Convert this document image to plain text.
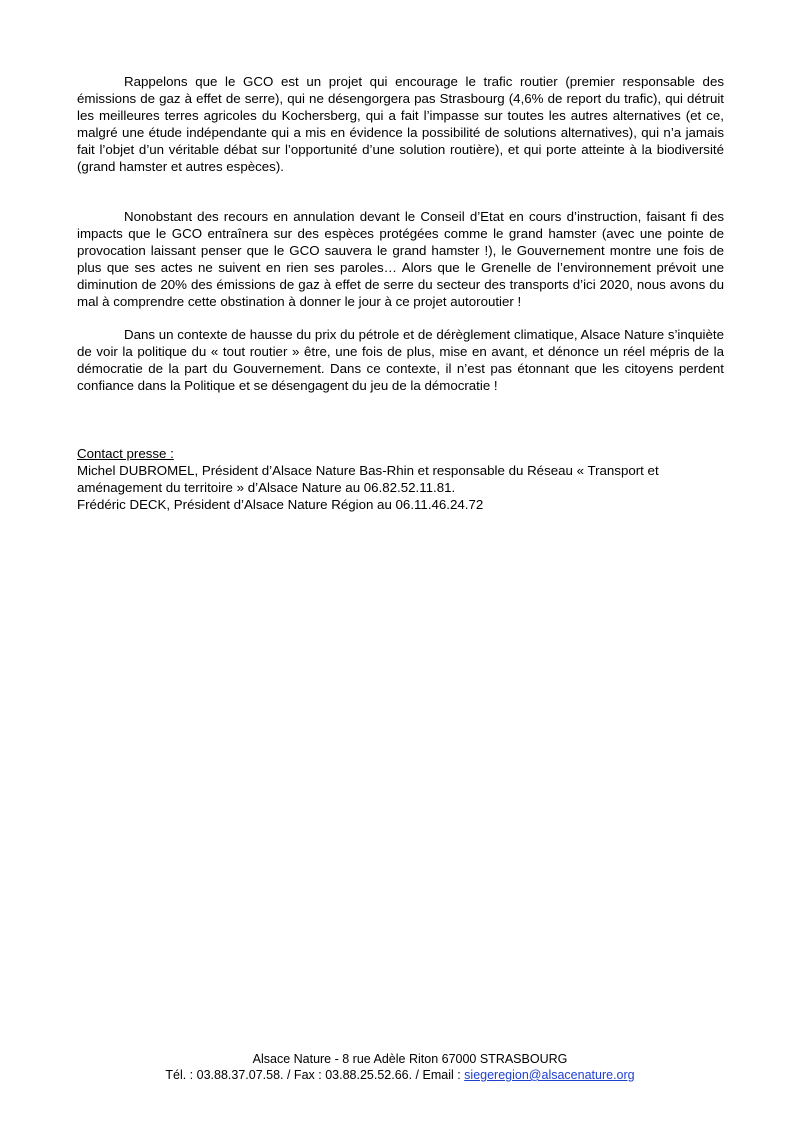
Rappelons que le GCO est un projet qui encourage le trafic routier (premier responsable des émissions de gaz à effet de serre), qui ne désengorgera pas Strasbourg (4,6% de report du trafic), qui détruit les meilleures terres agricoles du Kochersberg, qui a fait l’impasse sur toutes les autres alternatives (et ce, malgré une étude indépendante qui a mis en évidence la possibilité de solutions alternatives), qui n’a jamais fait l’objet d’un véritable débat sur l’opportunité d’une solution routière), et qui porte atteinte à la biodiversité (grand hamster et autres espèces).

Nonobstant des recours en annulation devant le Conseil d’Etat en cours d’instruction, faisant fi des impacts que le GCO entraînera sur des espèces protégées comme le grand hamster (avec une pointe de provocation laissant penser que le GCO sauvera le grand hamster !), le Gouvernement montre une fois de plus que ses actes ne suivent en rien ses paroles… Alors que le Grenelle de l’environnement prévoit une diminution de 20% des émissions de gaz à effet de serre du secteur des transports d’ici 2020, nous avons du mal à comprendre cette obstination à donner le jour à ce projet autoroutier !

Dans un contexte de hausse du prix du pétrole et de dérèglement climatique, Alsace Nature s’inquiète de voir la politique du « tout routier » être, une fois de plus, mise en avant, et dénonce un réel mépris de la démocratie de la part du Gouvernement. Dans ce contexte, il n’est pas étonnant que les citoyens perdent confiance dans la Politique et se désengagent du jeu de la démocratie !

Contact presse :
Michel DUBROMEL, Président d’Alsace Nature Bas-Rhin et responsable du Réseau « Transport et
aménagement du territoire » d’Alsace Nature au 06.82.52.11.81.
Frédéric DECK, Président d’Alsace Nature Région au 06.11.46.24.72
Alsace Nature - 8 rue Adèle Riton 67000 STRASBOURG
Tél. : 03.88.37.07.58. / Fax : 03.88.25.52.66. / Email : siegeregion@alsacenature.org
